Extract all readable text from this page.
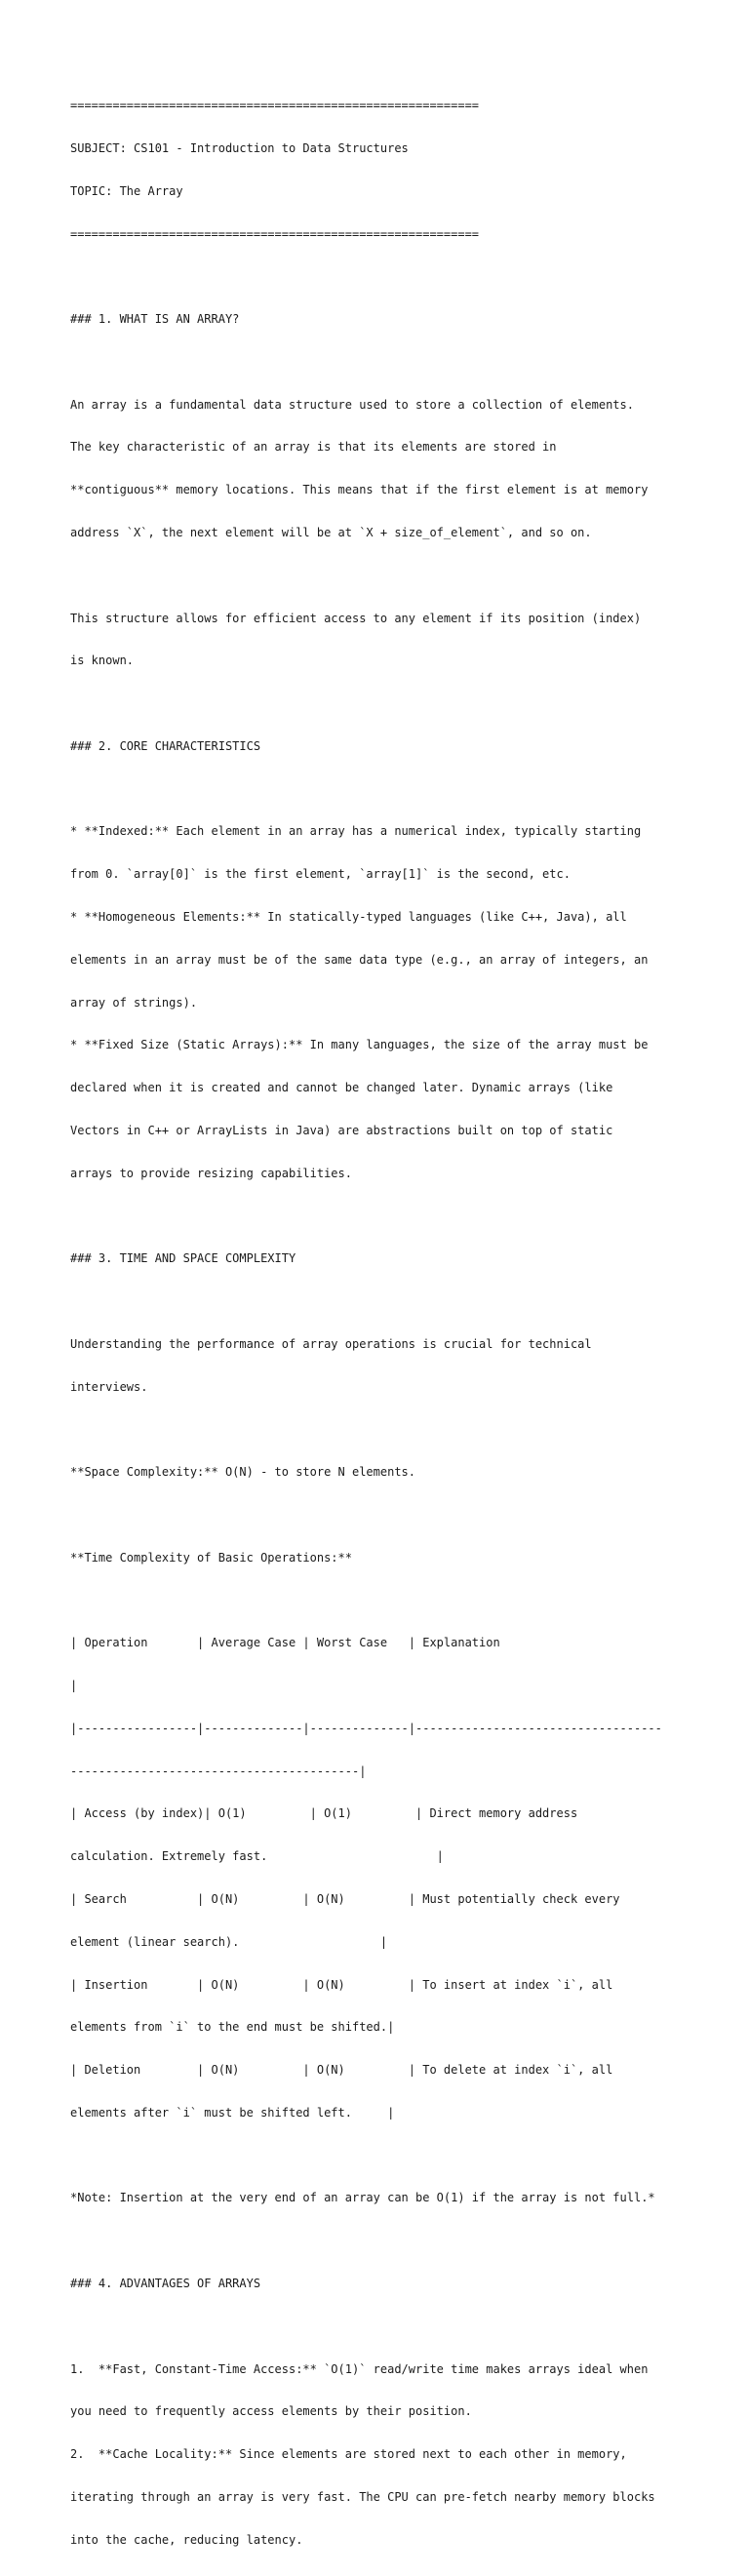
==========================================================

SUBJECT: CS101 - Introduction to Data Structures

TOPIC: The Array

==========================================================

### 1. WHAT IS AN ARRAY?

An array is a fundamental data structure used to store a collection of elements.

The key characteristic of an array is that its elements are stored in

**contiguous** memory locations. This means that if the first element is at memory

address `X`, the next element will be at `X + size_of_element`, and so on.

This structure allows for efficient access to any element if its position (index)

is known.

### 2. CORE CHARACTERISTICS

* **Indexed:** Each element in an array has a numerical index, typically starting

from 0. `array[0]` is the first element, `array[1]` is the second, etc.

* **Homogeneous Elements:** In statically-typed languages (like C++, Java), all

elements in an array must be of the same data type (e.g., an array of integers, an

array of strings).

* **Fixed Size (Static Arrays):** In many languages, the size of the array must be

declared when it is created and cannot be changed later. Dynamic arrays (like

Vectors in C++ or ArrayLists in Java) are abstractions built on top of static

arrays to provide resizing capabilities.

### 3. TIME AND SPACE COMPLEXITY

Understanding the performance of array operations is crucial for technical

interviews.

**Space Complexity:** O(N) - to store N elements.

**Time Complexity of Basic Operations:**

| Operation       | Average Case | Worst Case   | Explanation

|

|-----------------|--------------|--------------|-----------------------------------

-----------------------------------------|

| Access (by index)| O(1)         | O(1)         | Direct memory address

calculation. Extremely fast.                        |

| Search          | O(N)         | O(N)         | Must potentially check every

element (linear search).                    |

| Insertion       | O(N)         | O(N)         | To insert at index `i`, all

elements from `i` to the end must be shifted.|

| Deletion        | O(N)         | O(N)         | To delete at index `i`, all

elements after `i` must be shifted left.     |

*Note: Insertion at the very end of an array can be O(1) if the array is not full.*

### 4. ADVANTAGES OF ARRAYS

1.  **Fast, Constant-Time Access:** `O(1)` read/write time makes arrays ideal when

you need to frequently access elements by their position.

2.  **Cache Locality:** Since elements are stored next to each other in memory,

iterating through an array is very fast. The CPU can pre-fetch nearby memory blocks

into the cache, reducing latency.
